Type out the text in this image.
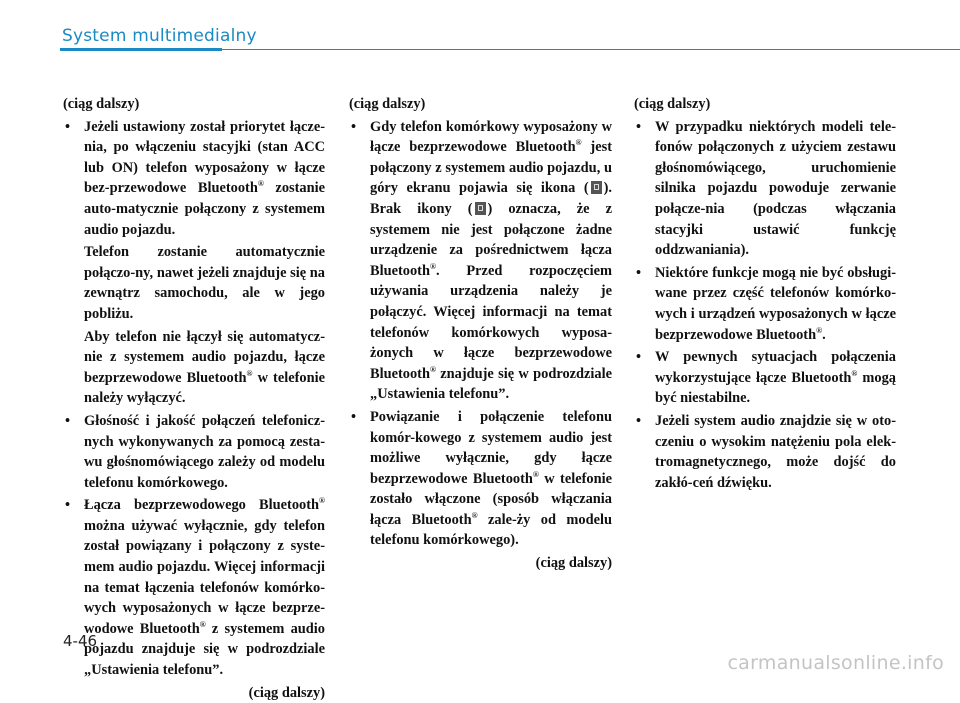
System multimedialny
(ciąg dalszy)
• Jeżeli ustawiony został priorytet łącze-nia, po włączeniu stacyjki (stan ACC lub ON) telefon wyposażony w łącze bez-przewodowe Bluetooth® zostanie auto-matycznie połączony z systemem audio pojazdu.
Telefon zostanie automatycznie połączo-ny, nawet jeżeli znajduje się na zewnątrz samochodu, ale w jego pobliżu.
Aby telefon nie łączył się automatycz-nie z systemem audio pojazdu, łącze bezprzewodowe Bluetooth® w telefonie należy wyłączyć.
• Głośność i jakość połączeń telefonicz-nych wykonywanych za pomocą zesta-wu głośnomówiącego zależy od modelu telefonu komórkowego.
• Łącza bezprzewodowego Bluetooth® można używać wyłącznie, gdy telefon został powiązany i połączony z syste-mem audio pojazdu. Więcej informacji na temat łączenia telefonów komórko-wych wyposażonych w łącze bezprze-wodowe Bluetooth® z systemem audio pojazdu znajduje się w podrozdziale „Ustawienia telefonu”.
(ciąg dalszy)
(ciąg dalszy)
• Gdy telefon komórkowy wyposażony w łącze bezprzewodowe Bluetooth® jest połączony z systemem audio pojazdu, u góry ekranu pojawia się ikona ( ). Brak ikony ( ) oznacza, że z systemem nie jest połączone żadne urządzenie za pośrednictwem łącza Bluetooth®. Przed rozpoczęciem używania urządzenia należy je połączyć. Więcej informacji na temat telefonów komórkowych wyposa-żonych w łącze bezprzewodowe Bluetooth® znajduje się w podrozdziale „Ustawienia telefonu”.
• Powiązanie i połączenie telefonu komór-kowego z systemem audio jest możliwe wyłącznie, gdy łącze bezprzewodowe Bluetooth® w telefonie zostało włączone (sposób włączania łącza Bluetooth® zale-ży od modelu telefonu komórkowego).
(ciąg dalszy)
(ciąg dalszy)
• W przypadku niektórych modeli tele-fonów połączonych z użyciem zestawu głośnomówiącego, uruchomienie silnika pojazdu powoduje zerwanie połącze-nia (podczas włączania stacyjki ustawić funkcję oddzwaniania).
• Niektóre funkcje mogą nie być obsługi-wane przez część telefonów komórko-wych i urządzeń wyposażonych w łącze bezprzewodowe Bluetooth®.
• W pewnych sytuacjach połączenia wykorzystujące łącze Bluetooth® mogą być niestabilne.
• Jeżeli system audio znajdzie się w oto-czeniu o wysokim natężeniu pola elek-tromagnetycznego, może dojść do zakłó-ceń dźwięku.
4-46
carmanualsonline.info
